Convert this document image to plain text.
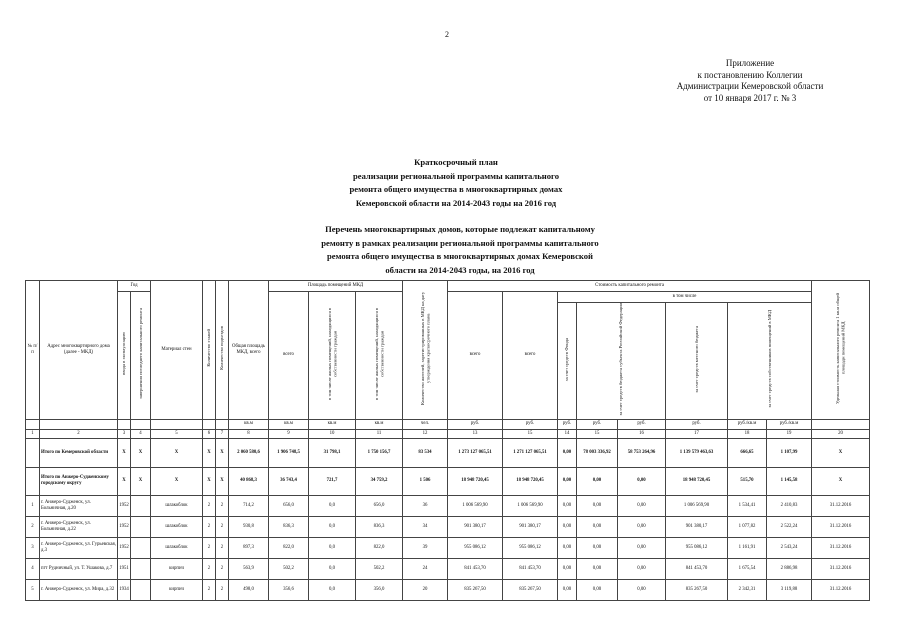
2
Приложение
к постановлению Коллегии
Администрации Кемеровской области
от 10 января 2017 г. № 3
Краткосрочный план
реализации региональной программы капитального
ремонта общего имущества в многоквартирных домах
Кемеровской области на 2014-2043 годы на 2016 год
Перечень многоквартирных домов, которые подлежат капитальному
ремонту в рамках реализации региональной программы капитального
ремонта общего имущества в многоквартирных домах Кемеровской
области на 2014-2043 годы, на 2016 год
№ п/п	Адрес многоквартирного дома (далее - МКД)	Год		Материал стен	Количество этажей	Количество подъездов	Общая площадь МКД, всего	Площадь помещений МКД			Количество жителей, зарегистрированных в МКД на дату утверждения краткосрочного плана	Стоимость капитального ремонта								Удельная стоимость капитального ремонта 1 кв.м общей площади помещений МКД		
		ввода в эксплуатацию	завершения последнего капитального ремонта					всего	в том числе жилых помещений, находящихся в собственности граждан	в том числе жилых помещений, находящихся в собственности граждан		всего	всего	в том числе							
														за счет средств Фонда	за счет средств бюджета субъекта Российской Федерации		за счет средств местного бюджета	за счет средств собственников помещений в МКД			
							кв.м	кв.м	кв.м	кв.м	чел.	руб.	руб.	руб.	руб.	руб.	руб.	руб./кв.м	руб./кв.м		
1	2	3	4	5	6	7	8	9	10	11	12	13	15	14	15	16	17	18	19	20	
	Итого по Кемеровской области	X	X	X	X	X	2 060 580,6	1 906 748,5	31 798,1	1 750 156,7	83 534	1 273 127 065,51	1 271 127 065,51	0,00	78 003 336,92	58 753 264,96	1 139 579 463,63	666,65	1 107,99	X	
	Итого по Анжеро-Судженскому городскому округу	X	X	X	X	X	40 868,3	36 743,4	721,7	34 759,2	1 506	18 948 720,45	18 948 720,45	0,00	0,00	0,00	18 948 720,45	515,70	1 145,58	X	
1	г. Анжеро-Судженск, ул. Больничная, д.20	1952		шлакоблок	2	2	714,2	656,0	0,0	656,0	36	1 006 569,90	1 006 569,90	0,00	0,00	0,00	1 006 569,90	1 534,41	2 410,83	31.12.2016	
2	г. Анжеро-Судженск, ул. Больничная, д.22	1952		шлакоблок	2	2	930,8	836,3	0,0	836,3	34	901 380,17	901 380,17	0,00	0,00	0,00	901 380,17	1 077,82	2 522,24	31.12.2016	
3	г. Анжеро-Судженск, ул. Гурьевская, д.3	1952		шлакоблок	2	2	897,3	822,0	0,0	822,0	39	955 086,12	955 086,12	0,00	0,00	0,00	955 086,12	1 161,91	2 543,24	31.12.2016	
4	пгт Рудничный, ул. Т. Ушакова, д.7	1951		кирпич	2	2	563,9	502,2	0,0	502,2	24	841 453,70	841 453,70	0,00	0,00	0,00	841 453,70	1 675,54	2 886,98	31.12.2016	
5	г. Анжеро-Судженск, ул. Мира, д.32	1934		кирпич	2	2	498,0	356,6	0,0	356,0	20	835 267,50	835 267,50	0,00	0,00	0,00	835 267,50	2 342,31	3 119,88	31.12.2016	
